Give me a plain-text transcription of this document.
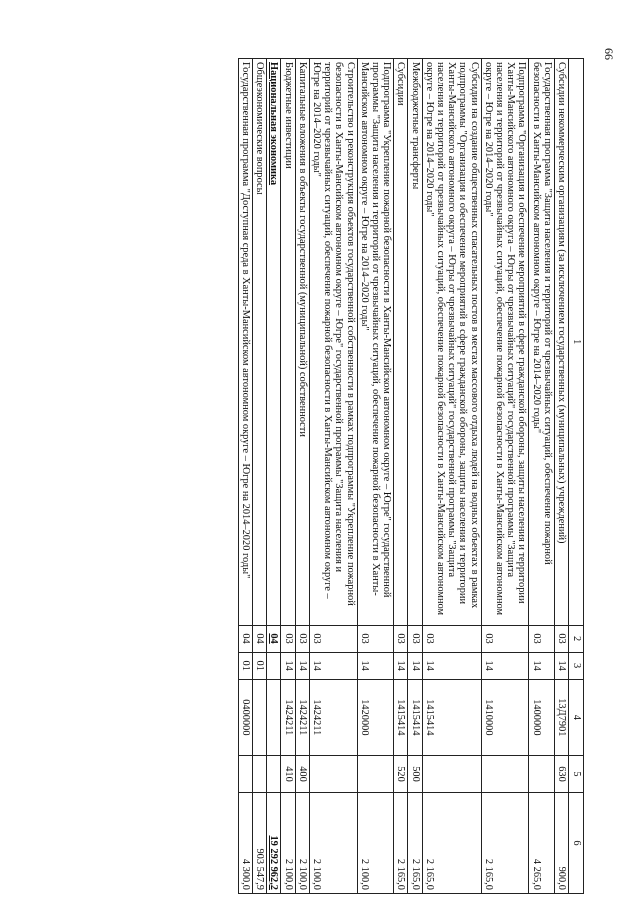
66
1	2	3	4	5	6
Субсидии некоммерческим организациям (за исключением государственных (муниципальных) учреждений)	03	14	13Д7901	630	900,0
Государственная программа "Защита населения и территорий от чрезвычайных ситуаций, обеспечение пожарной безопасности в Ханты-Мансийском автономном округе – Югре на 2014–2020 годы"	03	14	1400000		4 265,0
Подпрограмма "Организация и обеспечение мероприятий в сфере гражданской обороны, защиты населения и территории Ханты-Мансийского автономного округа – Югры от чрезвычайных ситуаций" государственной программы "Защита населения и территорий от чрезвычайных ситуаций, обеспечение пожарной безопасности в Ханты-Мансийском автономном округе – Югре на 2014–2020 годы"	03	14	1410000		2 165,0
Субсидии на создание общественных спасательных постов в местах массового отдыха людей на водных объектах в рамках подпрограммы "Организация и обеспечение мероприятий в сфере гражданской обороны, защиты населения и территории Ханты-Мансийского автономного округа – Югры от чрезвычайных ситуаций" государственной программы "Защита населения и территорий от чрезвычайных ситуаций, обеспечение пожарной безопасности в Ханты-Мансийском автономном округе – Югре на 2014–2020 годы"	03	14	1415414		2 165,0
Межбюджетные трансферты	03	14	1415414	500	2 165,0
Субсидии	03	14	1415414	520	2 165,0
Подпрограмма "Укрепление пожарной безопасности в Ханты-Мансийском автономном округе – Югре" государственной программы "Защита населения и территорий от чрезвычайных ситуаций, обеспечение пожарной безопасности в Ханты-Мансийском автономном округе – Югре на 2014–2020 годы"	03	14	1420000		2 100,0
Строительство и реконструкция объектов государственной собственности в рамках подпрограммы "Укрепление пожарной безопасности в Ханты-Мансийском автономном округе – Югре" государственной программы "Защита населения и территорий от чрезвычайных ситуаций, обеспечение пожарной безопасности в Ханты-Мансийском автономном округе – Югре на 2014–2020 годы"	03	14	1424211		2 100,0
Капитальные вложения в объекты государственной (муниципальной) собственности	03	14	1424211	400	2 100,0
Бюджетные инвестиции	03	14	1424211	410	2 100,0
Национальная экономика	04				19 292 962,2
Общеэкономические вопросы	04	01			903 547,9
Государственная программа "Доступная среда в Ханты-Мансийском автономном округе – Югре на 2014–2020 годы"	04	01	0400000		4 300,0
